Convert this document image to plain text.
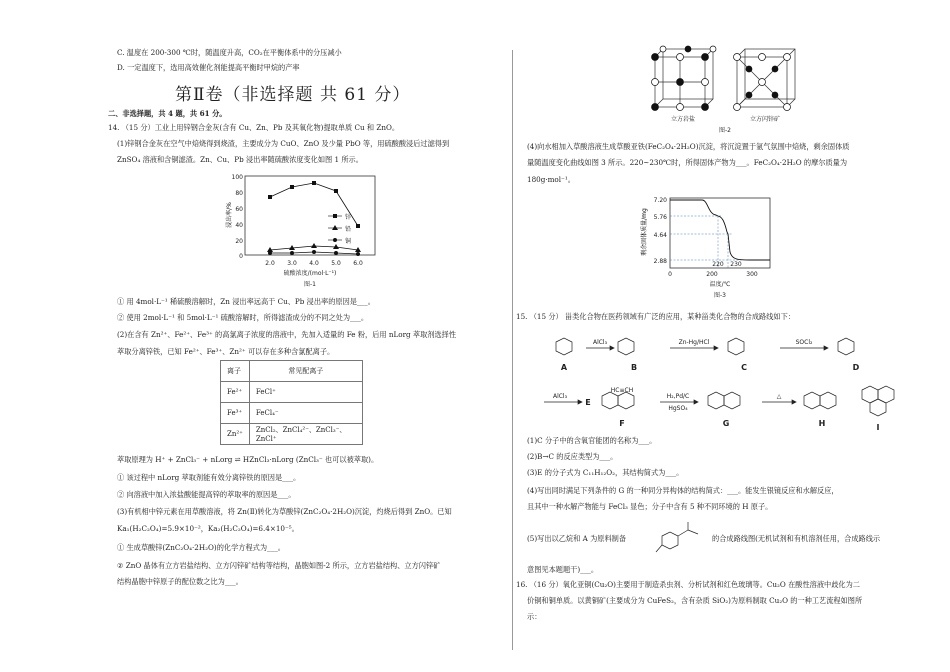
C. 温度在 200-300 ℃时，随温度升高，CO₂在平衡体系中的分压减小
D. 一定温度下，选用高效催化剂能提高平衡时甲烷的产率
第Ⅱ卷（非选择题 共 61 分）
二、非选择题，共 4 题，共 61 分。
14. （15 分）工业上用锌钢合金灰(含有 Cu、Zn、Pb 及其氧化物)提取单质 Cu 和 ZnO。
(1)锌钢合金灰在空气中焙烧得到烧渣，主要成分为 CuO、ZnO 及少量 PbO 等，用硫酸酸浸后过滤得到
ZnSO₄ 溶液和含铜滤渣。Zn、Cu、Pb 浸出率随硫酸浓度变化如图 1 所示。
100
80
60
40
20
0
2.0 3.0 4.0 5.0 6.0
硫酸浓度/(mol·L⁻¹)
图-1
浸出率/%	锌
铅
铜
① 用 4mol·L⁻¹ 稀硫酸溶解时，Zn 浸出率远高于 Cu、Pb 浸出率的原因是___。
② 使用 2mol·L⁻¹ 和 5mol·L⁻¹ 硫酸溶解时，所得滤渣成分的不同之处为___。
(2)在含有 Zn²⁺、Fe²⁺、Fe³⁺ 的高氯离子浓度的溶液中，先加入适量的 Fe 粉，后用 nLorg 萃取剂选择性
萃取分离锌铁，已知 Fe²⁺、Fe³⁺、Zn²⁺ 可以存在多种含氯配离子。
离子	常见配离子
Fe²⁺	FeCl⁺
Fe³⁺	FeCl₄⁻
Zn²⁺	ZnCl₂、ZnCl₄²⁻、ZnCl₃⁻、ZnCl⁺
萃取原理为 H⁺ + ZnCl₃⁻ + nLorg ⇌ HZnCl₃·nLorg (ZnCl₃⁻ 也可以被萃取)。
① 该过程中 nLorg 萃取剂能有效分离锌铁的原因是___。
② 向溶液中加入浓盐酸能提高锌的萃取率的原因是___。
(3)有机相中锌元素在用草酸溶液，将 Zn(Ⅱ)转化为草酸锌(ZnC₂O₄·2H₂O)沉淀，灼烧后得到 ZnO。已知
Ka₁(H₂C₂O₄)=5.9×10⁻²，Ka₂(H₂C₂O₄)=6.4×10⁻⁵。
① 生成草酸锌(ZnC₂O₄·2H₂O)的化学方程式为___。
② ZnO 晶体有立方岩盐结构、立方闪锌矿结构等结构，晶胞如图-2 所示，立方岩盐结构、立方闪锌矿
结构晶胞中锌原子的配位数之比为___。
立方岩盐	立方闪锌矿
图-2
(4)向水相加入草酸溶液生成草酸亚铁(FeC₂O₄·2H₂O)沉淀，将沉淀置于氩气氛围中焙烧，剩余固体质
量随温度变化曲线如图 3 所示。220~230℃时，所得固体产物为___。FeC₂O₄·2H₂O 的摩尔质量为
180g·mol⁻¹。
7.20
5.76
4.64
2.88
0	200	300
220 230
温度/℃
图-3
剩余固体质量/mg
15. （15 分） 甾类化合物在医药领域有广泛的应用，某种甾类化合物的合成路线如下：
AlCl₃	Zn-Hg/HCl	SOCl₂
AlCl₃
HC≡CH
H₂,Pd/C
HgSO₄
△
A	B	C	D
E
F	G	H	I
(1)C 分子中的含氧官能团的名称为___。
(2)B→C 的反应类型为___。
(3)E 的分子式为 C₁₁H₁₂O₂，其结构简式为___。
(4)写出同时满足下列条件的 G 的一种同分异构体的结构简式：___。能发生银镜反应和水解反应，
且其中一种水解产物能与 FeCl₃ 显色；分子中含有 5 种不同环境的 H 原子。
(5)写出以乙烷和 A 为原料制备	的合成路线图(无机试剂和有机溶剂任用，合成路线示
意图见本题题干)___。
16. （16 分）氧化亚铜(Cu₂O)主要用于制造杀虫剂、分析试剂和红色玻璃等。Cu₂O 在酸性溶液中歧化为二
价铜和铜单质。以黄铜矿(主要成分为 CuFeS₂，含有杂质 SiO₂)为原料制取 Cu₂O 的一种工艺流程如图所
示：
